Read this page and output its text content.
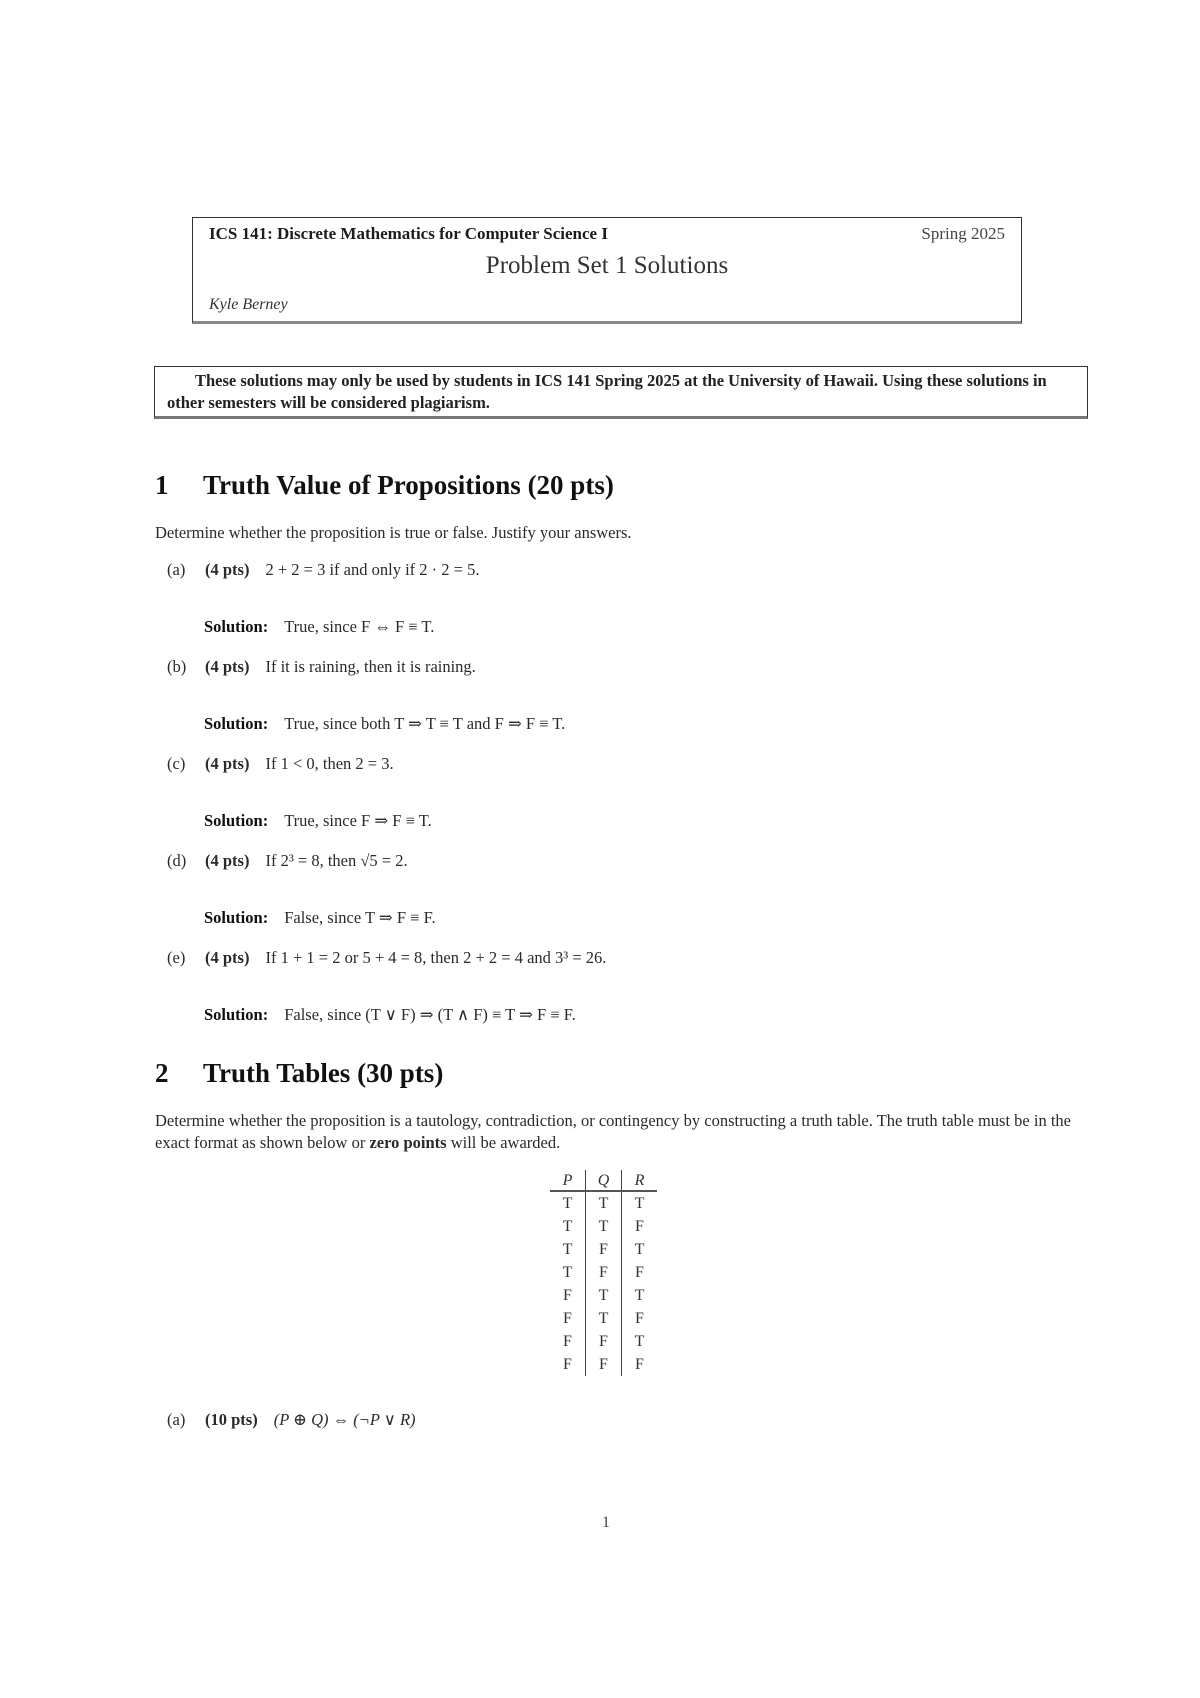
ICS 141: Discrete Mathematics for Computer Science I	Spring 2025
Problem Set 1 Solutions
Kyle Berney
These solutions may only be used by students in ICS 141 Spring 2025 at the University of Hawaii. Using these solutions in other semesters will be considered plagiarism.
1 Truth Value of Propositions (20 pts)
Determine whether the proposition is true or false. Justify your answers.
(a) (4 pts) 2 + 2 = 3 if and only if 2 · 2 = 5.
Solution: True, since F ⇔ F ≡ T.
(b) (4 pts) If it is raining, then it is raining.
Solution: True, since both T ⇒ T ≡ T and F ⇒ F ≡ T.
(c) (4 pts) If 1 < 0, then 2 = 3.
Solution: True, since F ⇒ F ≡ T.
(d) (4 pts) If 2³ = 8, then √5 = 2.
Solution: False, since T ⇒ F ≡ F.
(e) (4 pts) If 1 + 1 = 2 or 5 + 4 = 8, then 2 + 2 = 4 and 3³ = 26.
Solution: False, since (T ∨ F) ⇒ (T ∧ F) ≡ T ⇒ F ≡ F.
2 Truth Tables (30 pts)
Determine whether the proposition is a tautology, contradiction, or contingency by constructing a truth table. The truth table must be in the exact format as shown below or zero points will be awarded.
P	Q	R
T	T	T
T	T	F
T	F	T
T	F	F
F	T	T
F	T	F
F	F	T
F	F	F
(a) (10 pts) (P ⊕ Q) ⇔ (¬P ∨ R)
1
